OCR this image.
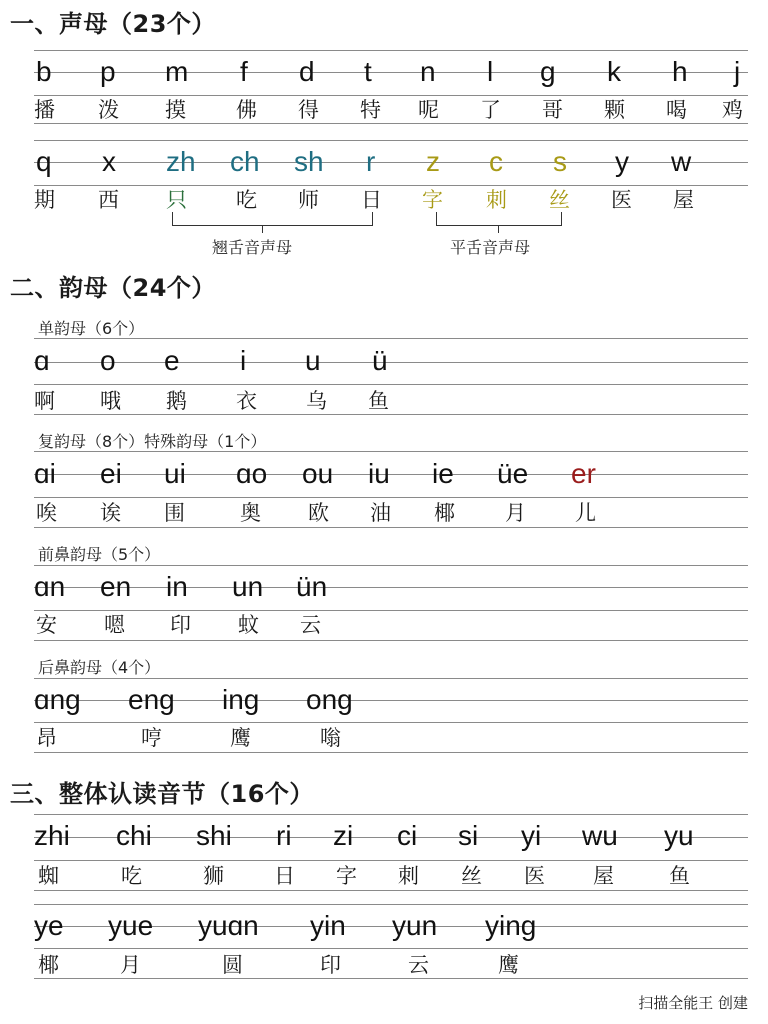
一、声母（23个）
二、韵母（24个）
三、整体认读音节（16个）
单韵母（6个）
复韵母（8个）特殊韵母（1个）
前鼻韵母（5个）
后鼻韵母（4个）
b p m f d t n l g k h j
播 泼 摸 佛 得 特 呢 了 哥 颗 喝 鸡
q x zh ch sh r z c s y w
期 西 只 吃 师 日 字 刺 丝 医 屋
翘舌音声母	平舌音声母
ɑ o e i u ü
啊 哦 鹅 衣 乌 鱼
ɑi ei ui ɑo ou iu ie üe er
唉 诶 围	奥 欧 油 椰 月 儿
ɑn en in un ün
安 嗯 印 蚊 云
ɑng eng ing ong
昂	哼	鹰	嗡
zhi chi shi ri zi ci si yi wu yu
蜘	吃	狮 日 字 刺 丝 医 屋	鱼
ye yue yuɑn yin yun ying
椰	月	圆	印	云	鹰
扫描全能王 创建
